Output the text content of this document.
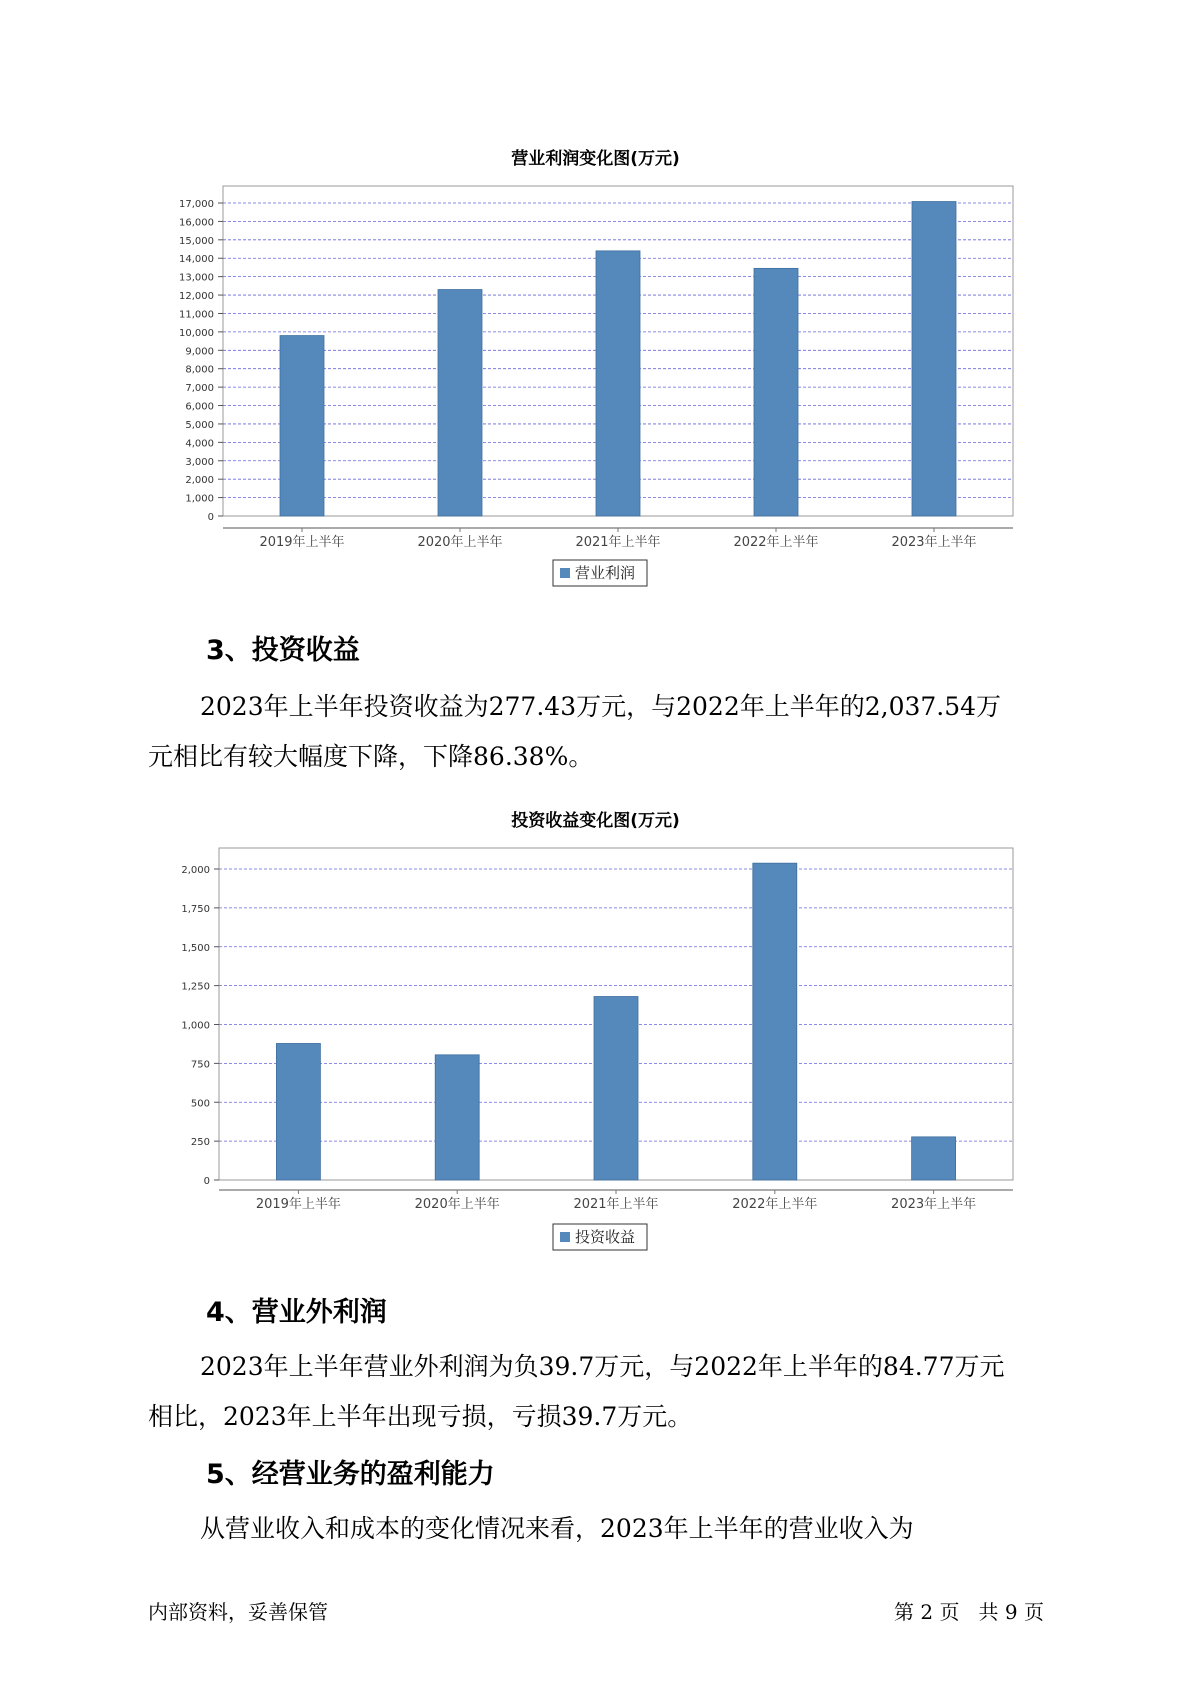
营业利润变化图(万元)
0
1,000
2,000
3,000
4,000
5,000
6,000
7,000
8,000
9,000
10,000
11,000
12,000
13,000
14,000
15,000
16,000
17,000
2019年上半年	2020年上半年	2021年上半年	2022年上半年	2023年上半年
营业利润
3、投资收益
2023年上半年投资收益为277.43万元，与2022年上半年的2,037.54万
元相比有较大幅度下降，下降86.38%。
投资收益变化图(万元)
0
250
500
750
1,000
1,250
1,500
1,750
2,000
2019年上半年	2020年上半年	2021年上半年	2022年上半年	2023年上半年
投资收益
4、营业外利润
2023年上半年营业外利润为负39.7万元，与2022年上半年的84.77万元
相比，2023年上半年出现亏损，亏损39.7万元。
5、经营业务的盈利能力
从营业收入和成本的变化情况来看，2023年上半年的营业收入为
内部资料，妥善保管	第 2 页   共 9 页
